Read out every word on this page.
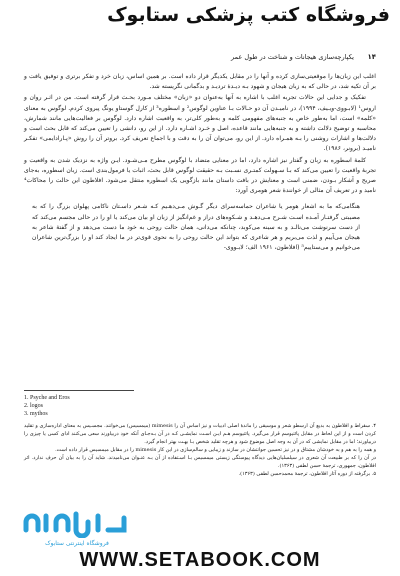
فروشگاه کتب پزشکی ستابوک
۱۴
یکپارچه‌سازی هیجانات و شناخت در طول عمر

اغلب این زبان‌ها را موقعیتی‌سازی کرده و آنها را در مقابل یکدیگر قرار داده است. بر همین اساس، زبان خرد و تفکر برتری و توفیق یافت و بر آن تکیه شد، در حالی که به زبان هیجان و شهود بـه دیـدۀ تردیـد و بدگمانی نگریسته شد.

تفکیک و جدایی این حالات تجربه اغلب با اشاره به آنها به‌عنوان دو «زبان» مختلف مـورد بحـث قرار گرفته است. من در اثـر روان و اروس¹ (لابـووی-ویـیف، ۱۹۹۴)، در نامیـدن آن دو حـالات بـا عناوین لوگوس² و اسطوره³ از کارل گوستاو یونگ پیروی کردم. لوگوس به معنای «کلمه» است، اما به‌طور خاص به جنبه‌های مفهومی کلمه و به‌طور کلی‌تر، به واقعیت اشاره دارد. لوگوس بر فعالیت‌هایی مانند شمارش، محاسبه و توضیح دلالت داشته و به جنبه‌هایی مانند قاعده، اصل و خـرد اشـاره دارد. از این رو، دانشی را تعیین می‌کند که قابل بحث است و دلالت‌ها و اشارات روشنی را بـه همـراه دارد. از این رو، می‌توان آن را به دقت و با اجماع تعریف کرد. بروتر آن را روش «پـارادایمی» تفکـر نامیـد (برونر، ۱۹۸۶).

کلمۀ اسطوره به زبان و گفتار نیز اشاره دارد، اما در معنایی متضاد با لوگوس مطرح مـی‌شـود. ایـن واژه به نزدیک شدن به واقعیت و تجربۀ واقعیت را تعیین می‌کند که بـا سـهولت کمتـری نسـبت بـه حقیقت لوگوس قابل بحث، اثبات یا فرمول‌بندی است. زبان اسطوره، به‌جای صریح و آشکار بـودن، ضمنی است و معنایش در بافت داستان مانند بازگویی یک اسطوره منتقل می‌شود. افلاطون این حالت را محاکات⁴ نامید و در تعریف آن مثالی از خوانندۀ شعر هومری آورد:

هنگامی‌که ما به اشعار هومر یا شاعران حماسه‌سرای دیگر گـوش مـی‌دهـیم کـه شـعر داسـتان ناکامی پهلوان بزرگ را که به مصیبتی گرفتـار آمـده اسـت شـرح مـی‌دهـد و شـکوه‌های دراز و غم‌انگیز از زبان او بیان می‌کند یا او را در حالی مجسم می‌کند که از دست سرنوشت می‌نالـد و به سینه می‌کوبد، چنانکه می‌دانی، همان حالت روحی به خود ما دست می‌دهد و از گفتۀ شاعر به هیجان می‌آییم و لذت می‌بریم و هر شاعری که بتواند این حالت روحی را به نحوی قوی‌تر در ما ایجاد کند او را بزرگ‌ترین شاعران می‌خوانیم و می‌ستاییم⁵ (افلاطون، ۱۹۶۱ الف؛ لابـووی-

1. Psyche and Eros
2. logos
3. mythos

۴. سقراط و افلاطون به بدیع آن ارسطو شعر و موسیقی را ماندۀ اصلی ادبیات و نیز اساس آن را mimesis (میمسیس) می‌خوانند. مجسـیس به معنای اداره‌سازی و تقلید کردن است و از این لحاظ در مقابل پائتیوسم قرار می‌گیرد. پائتیوسم هـم ایـن اسـت نمایشـی کـه در آن بـه‌جـای آنکه خود دربیاورند سعی می‌کنند ادای کسی یا چیزی را دربیاورند؛ اما در مقابل نمایشی که در آن به وجه اصل موضوع شود و هرچه تقلید شخص بـا بهـت بهتر انجام گیرد.

و همه را به هم و به خودشان مشتاق و در نیز تحسین جوانتشان در سازند و زیبایی و سالم‌سازی در این کار mimesis را در مقابل میمسیس قرار داده است.

در آن را که بر طبیعت آن شعری در سیلسلیان‌هایی دیدگاه پیوستگی زیستی میمسیس بـا اسـتفاده از آن بـه عنـوان می‌نامیدند. شاید آن را به بیان آن حرف ندارد. اثر افلاطون، جمهوری، ترجمۀ حسن لطفی (۱۳۶۳).

۵. برگرفته از دوره آثار افلاطون، ترجمۀ محمدحسن لطفی (۱۳۶۳).

فروشگاه اینترنتی ستابوک
WWW.SETABOOK.COM
